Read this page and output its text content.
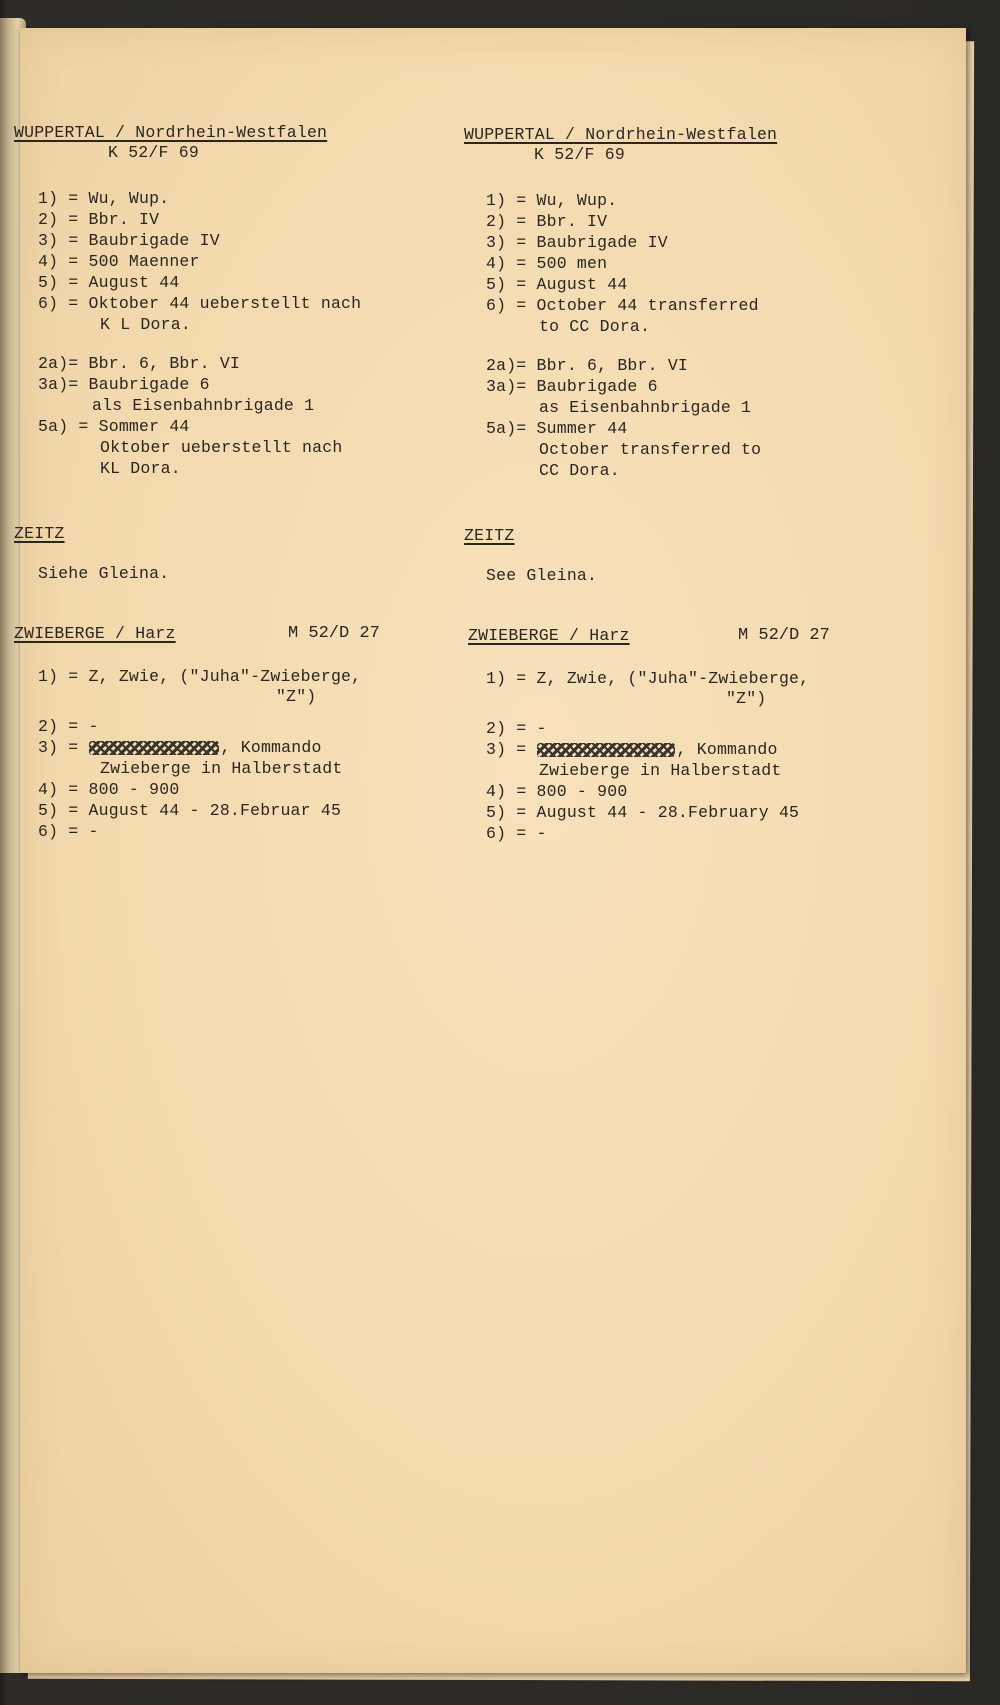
WUPPERTAL / Nordrhein-Westfalen
K 52/F 69
1) = Wu, Wup.
2) = Bbr. IV
3) = Baubrigade IV
4) = 500 Maenner
5) = August 44
6) = Oktober 44 ueberstellt nach
K L Dora.
2a)= Bbr. 6, Bbr. VI
3a)= Baubrigade 6
als Eisenbahnbrigade 1
5a) = Sommer 44
Oktober ueberstellt nach
KL Dora.
ZEITZ
Siehe Gleina.
ZWIEBERGE / Harz	M 52/D 27
1) = Z, Zwie, ("Juha"-Zwieberge,
"Z")
2) = -
3) =	, Kommando
Zwieberge in Halberstadt
4) = 800 - 900
5) = August 44 - 28.Februar 45
6) = -
WUPPERTAL / Nordrhein-Westfalen
K 52/F 69
1) = Wu, Wup.
2) = Bbr. IV
3) = Baubrigade IV
4) = 500 men
5) = August 44
6) = October 44 transferred
to CC Dora.
2a)= Bbr. 6, Bbr. VI
3a)= Baubrigade 6
as Eisenbahnbrigade 1
5a)= Summer 44
October transferred to
CC Dora.
ZEITZ
See Gleina.
ZWIEBERGE / Harz	M 52/D 27
1) = Z, Zwie, ("Juha"-Zwieberge,
"Z")
2) = -
3) =	, Kommando
Zwieberge in Halberstadt
4) = 800 - 900
5) = August 44 - 28.February 45
6) = -
